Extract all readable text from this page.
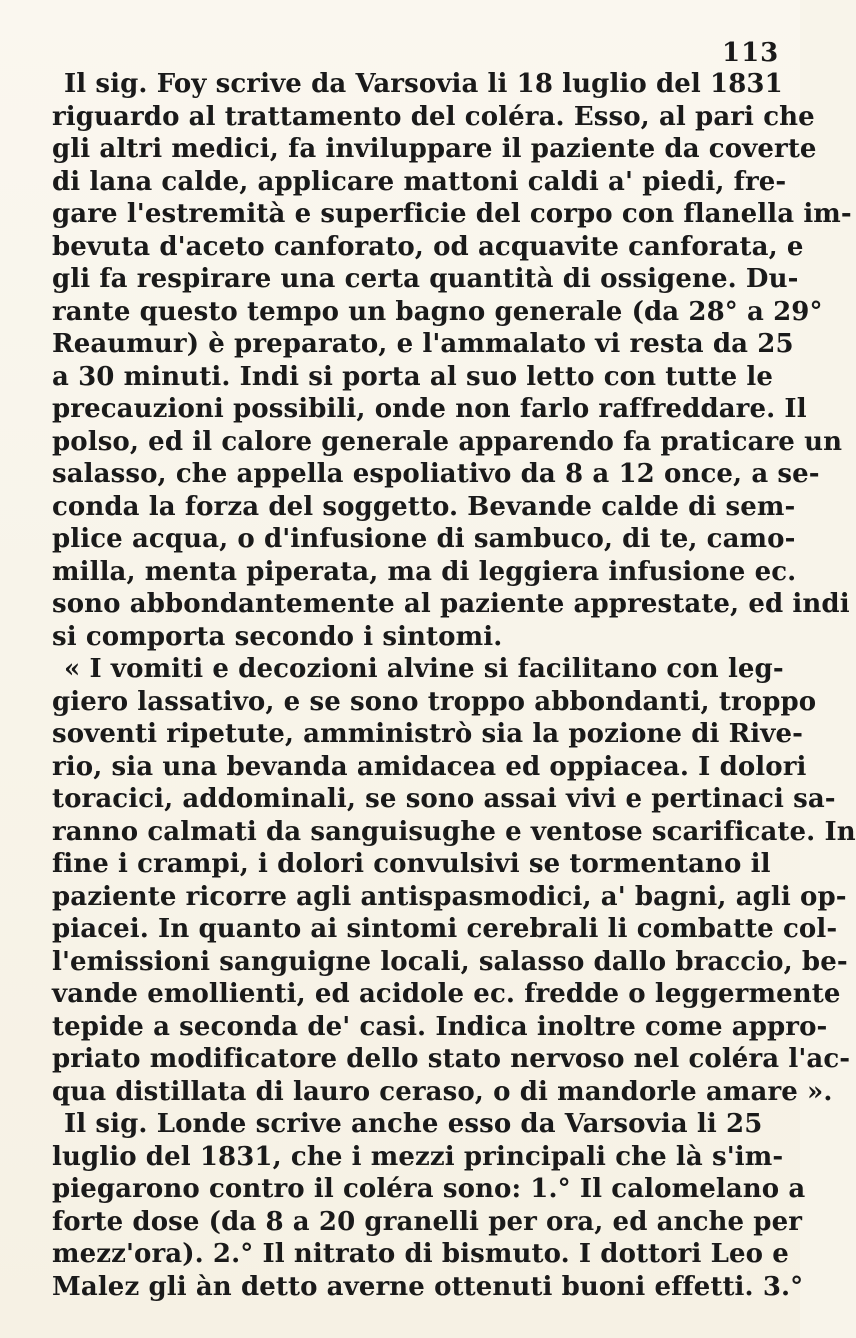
113
Il sig. Foy scrive da Varsovia li 18 luglio del 1831
riguardo al trattamento del coléra. Esso, al pari che
gli altri medici, fa inviluppare il paziente da coverte
di lana calde, applicare mattoni caldi a' piedi, fre-
gare l'estremità e superficie del corpo con flanella im-
bevuta d'aceto canforato, od acquavite canforata, e
gli fa respirare una certa quantità di ossigene. Du-
rante questo tempo un bagno generale (da 28° a 29°
Reaumur) è preparato, e l'ammalato vi resta da 25
a 30 minuti. Indi si porta al suo letto con tutte le
precauzioni possibili, onde non farlo raffreddare. Il
polso, ed il calore generale apparendo fa praticare un
salasso, che appella espoliativo da 8 a 12 once, a se-
conda la forza del soggetto. Bevande calde di sem-
plice acqua, o d'infusione di sambuco, di te, camo-
milla, menta piperata, ma di leggiera infusione ec.
sono abbondantemente al paziente apprestate, ed indi
si comporta secondo i sintomi.
« I vomiti e decozioni alvine si facilitano con leg-
giero lassativo, e se sono troppo abbondanti, troppo
soventi ripetute, amministrò sia la pozione di Rive-
rio, sia una bevanda amidacea ed oppiacea. I dolori
toracici, addominali, se sono assai vivi e pertinaci sa-
ranno calmati da sanguisughe e ventose scarificate. In
fine i crampi, i dolori convulsivi se tormentano il
paziente ricorre agli antispasmodici, a' bagni, agli op-
piacei. In quanto ai sintomi cerebrali li combatte col-
l'emissioni sanguigne locali, salasso dallo braccio, be-
vande emollienti, ed acidole ec. fredde o leggermente
tepide a seconda de' casi. Indica inoltre come appro-
priato modificatore dello stato nervoso nel coléra l'ac-
qua distillata di lauro ceraso, o di mandorle amare ».
Il sig. Londe scrive anche esso da Varsovia li 25
luglio del 1831, che i mezzi principali che là s'im-
piegarono contro il coléra sono: 1.° Il calomelano a
forte dose (da 8 a 20 granelli per ora, ed anche per
mezz'ora). 2.° Il nitrato di bismuto. I dottori Leo e
Malez gli àn detto averne ottenuti buoni effetti. 3.°
